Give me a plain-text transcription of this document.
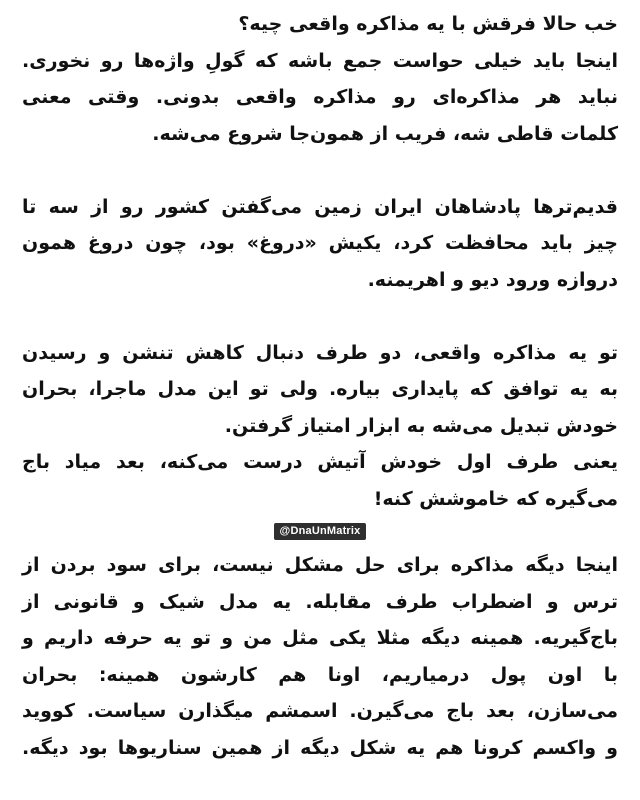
خب حالا فرقش با یه مذاکره واقعی چیه؟
اینجا باید خیلی حواست جمع باشه که گولِ واژه‌ها رو نخوری.
نباید هر مذاکره‌ای رو مذاکره واقعی بدونی. وقتی معنی
کلمات قاطی شه، فریب از همون‌جا شروع می‌شه.
قدیم‌ترها پادشاهان ایران زمین می‌گفتن کشور رو از سه تا
چیز باید محافظت کرد، یکیش «دروغ» بود، چون دروغ همون
دروازه ورود دیو و اهریمنه.
تو یه مذاکره واقعی، دو طرف دنبال کاهش تنشن و رسیدن
به یه توافق که پایداری بیاره. ولی تو این مدل ماجرا، بحران
خودش تبدیل می‌شه به ابزار امتیاز گرفتن.
یعنی طرف اول خودش آتیش درست می‌کنه، بعد میاد باج
می‌گیره که خاموشش کنه!
@DnaUnMatrix
اینجا دیگه مذاکره برای حل مشکل نیست، برای سود بردن از
ترس و اضطراب طرف مقابله. یه مدل شیک و قانونی از
باج‌گیریه. همینه دیگه مثلا یکی مثل من و تو یه حرفه داریم و
با اون پول درمیاریم، اونا هم کارشون همینه: بحران
می‌سازن، بعد باج می‌گیرن. اسمشم میگذارن سیاست. کووید
و واکسم کرونا هم یه شکل دیگه از همین سناریوها بود دیگه.
